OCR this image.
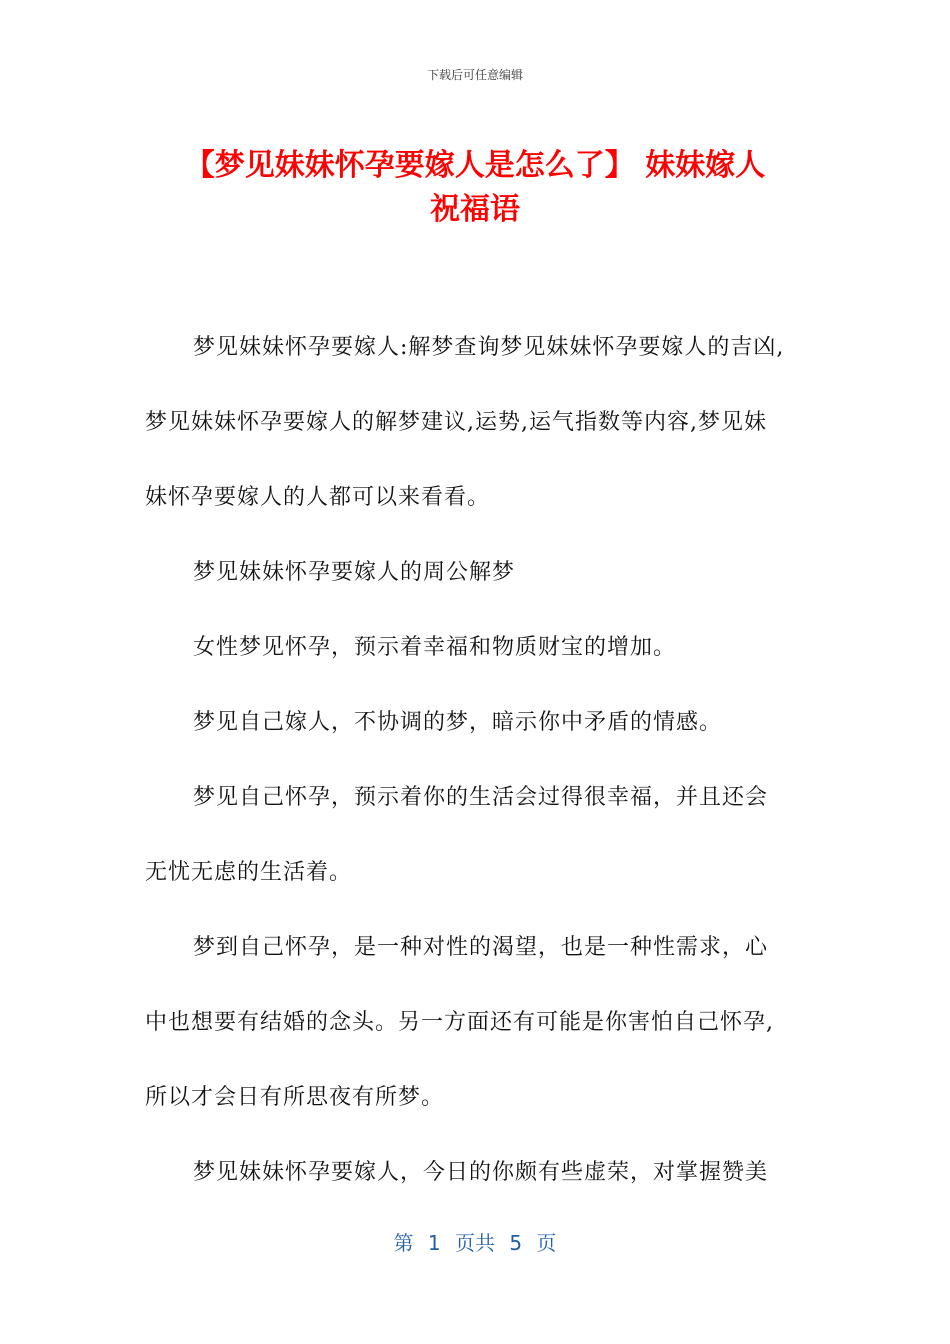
下载后可任意编辑
【梦见妹妹怀孕要嫁人是怎么了】 妹妹嫁人
祝福语

梦见妹妹怀孕要嫁人:解梦查询梦见妹妹怀孕要嫁人的吉凶,

梦见妹妹怀孕要嫁人的解梦建议,运势,运气指数等内容,梦见妹

妹怀孕要嫁人的人都可以来看看。

梦见妹妹怀孕要嫁人的周公解梦

女性梦见怀孕，预示着幸福和物质财宝的增加。

梦见自己嫁人，不协调的梦，暗示你中矛盾的情感。

梦见自己怀孕，预示着你的生活会过得很幸福，并且还会

无忧无虑的生活着。

梦到自己怀孕，是一种对性的渴望，也是一种性需求，心

中也想要有结婚的念头。另一方面还有可能是你害怕自己怀孕,

所以才会日有所思夜有所梦。

梦见妹妹怀孕要嫁人，今日的你颇有些虚荣，对掌握赞美

第 1 页共 5 页
